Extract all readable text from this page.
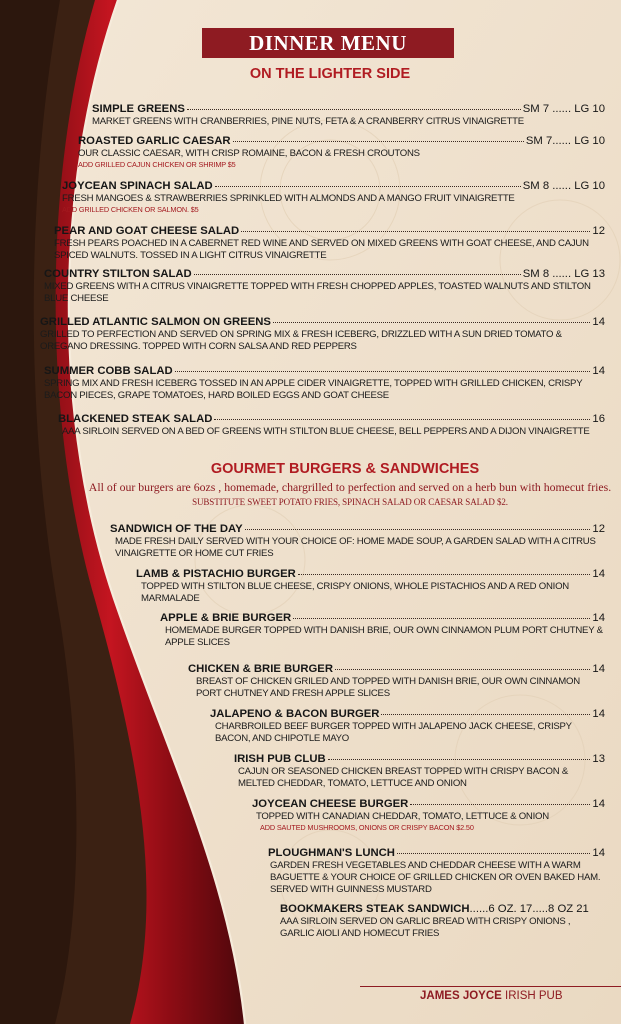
DINNER MENU
ON THE LIGHTER SIDE
SIMPLE GREENS	SM 7 ...... LG 10
MARKET GREENS WITH CRANBERRIES, PINE NUTS, FETA & A CRANBERRY CITRUS VINAIGRETTE
ROASTED GARLIC CAESAR	SM 7...... LG 10
OUR CLASSIC CAESAR, WITH CRISP ROMAINE, BACON & FRESH CROUTONS
ADD GRILLED CAJUN CHICKEN OR SHRIMP $5
JOYCEAN SPINACH SALAD	SM 8 ...... LG 10
FRESH MANGOES & STRAWBERRIES SPRINKLED WITH ALMONDS AND A MANGO FRUIT VINAIGRETTE
ADD GRILLED CHICKEN OR SALMON. $5
PEAR AND GOAT CHEESE SALAD	12
FRESH PEARS POACHED IN A CABERNET RED WINE AND SERVED ON MIXED GREENS WITH GOAT CHEESE, AND CAJUN SPICED WALNUTS. TOSSED IN A LIGHT CITRUS VINAIGRETTE
COUNTRY STILTON SALAD	SM 8 ...... LG 13
MIXED GREENS WITH A CITRUS VINAIGRETTE TOPPED WITH FRESH CHOPPED APPLES, TOASTED WALNUTS AND STILTON BLUE CHEESE
GRILLED ATLANTIC SALMON ON GREENS	14
GRILLED TO PERFECTION AND SERVED ON SPRING MIX & FRESH ICEBERG, DRIZZLED WITH A SUN DRIED TOMATO & OREGANO DRESSING. TOPPED WITH CORN SALSA AND RED PEPPERS
SUMMER COBB SALAD	14
SPRING MIX AND FRESH ICEBERG TOSSED IN AN APPLE CIDER VINAIGRETTE, TOPPED WITH GRILLED CHICKEN, CRISPY BACON PIECES, GRAPE TOMATOES, HARD BOILED EGGS AND GOAT CHEESE
BLACKENED STEAK SALAD	16
AAA SIRLOIN SERVED ON A BED OF GREENS WITH STILTON BLUE CHEESE, BELL PEPPERS AND A DIJON VINAIGRETTE
GOURMET BURGERS & SANDWICHES
All of our burgers are 6ozs , homemade, chargrilled to perfection and served on a herb bun with homecut fries. SUBSTITUTE SWEET POTATO FRIES, SPINACH SALAD OR CAESAR SALAD $2.
SANDWICH OF THE DAY	12
MADE FRESH DAILY SERVED WITH YOUR CHOICE OF: HOME MADE SOUP, A GARDEN SALAD WITH A CITRUS VINAIGRETTE OR HOME CUT FRIES
LAMB & PISTACHIO BURGER	14
TOPPED WITH STILTON BLUE CHEESE, CRISPY ONIONS, WHOLE PISTACHIOS AND A RED ONION MARMALADE
APPLE & BRIE BURGER	14
HOMEMADE BURGER TOPPED WITH DANISH BRIE, OUR OWN CINNAMON PLUM PORT CHUTNEY & APPLE SLICES
CHICKEN & BRIE BURGER	14
BREAST OF CHICKEN GRILED AND TOPPED WITH DANISH BRIE, OUR OWN CINNAMON PORT CHUTNEY AND FRESH APPLE SLICES
JALAPENO & BACON BURGER	14
CHARBROILED BEEF BURGER TOPPED WITH JALAPENO JACK CHEESE, CRISPY BACON, AND CHIPOTLE MAYO
IRISH PUB CLUB	13
CAJUN OR SEASONED CHICKEN BREAST TOPPED WITH CRISPY BACON & MELTED CHEDDAR, TOMATO, LETTUCE AND ONION
JOYCEAN CHEESE BURGER	14
TOPPED WITH CANADIAN CHEDDAR, TOMATO, LETTUCE & ONION
ADD SAUTED MUSHROOMS, ONIONS OR CRISPY BACON $2.50
PLOUGHMAN'S LUNCH	14
GARDEN FRESH VEGETABLES AND CHEDDAR CHEESE WITH A WARM BAGUETTE & YOUR CHOICE OF GRILLED CHICKEN OR OVEN BAKED HAM. SERVED WITH GUINNESS MUSTARD
BOOKMAKERS STEAK SANDWICH ......6 OZ. 17.....8 OZ 21
AAA SIRLOIN SERVED ON GARLIC BREAD WITH CRISPY ONIONS , GARLIC AIOLI AND HOMECUT FRIES
JAMES JOYCE IRISH PUB
